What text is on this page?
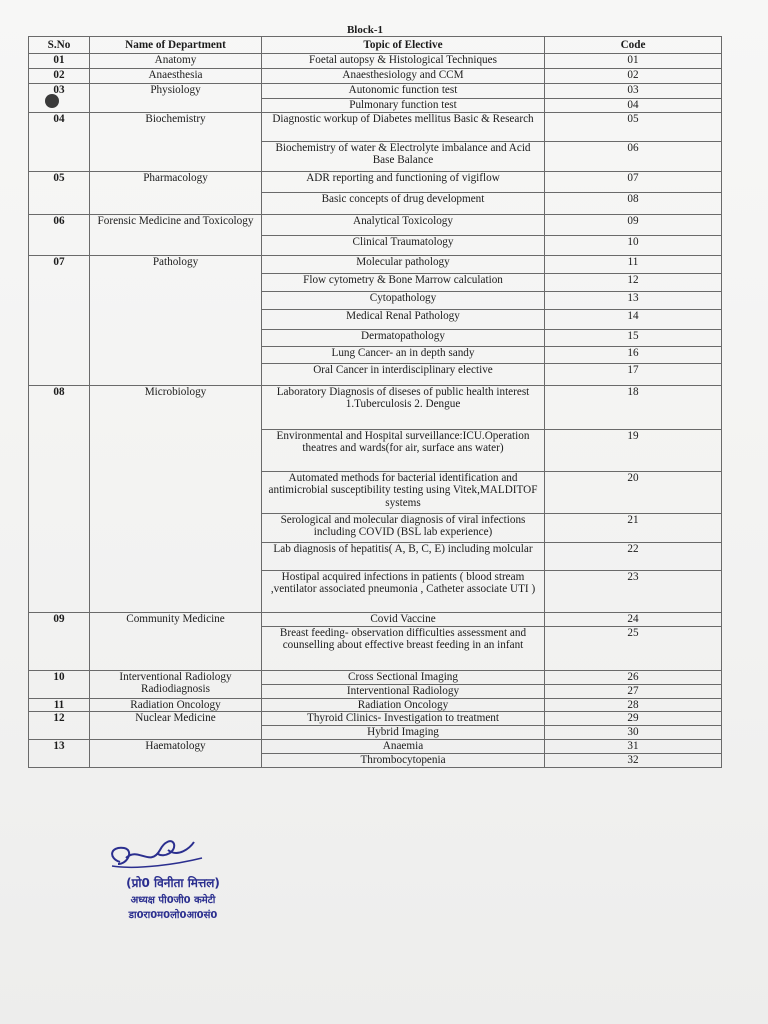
Block-1
S.No	Name of Department	Topic of Elective	Code
01	Anatomy	Foetal autopsy & Histological Techniques	01
02	Anaesthesia	Anaesthesiology and CCM	02
03	Physiology	Autonomic function test	03
		Pulmonary function test	04
04	Biochemistry	Diagnostic workup of Diabetes mellitus Basic & Research	05
		Biochemistry of water & Electrolyte imbalance and Acid Base Balance	06
05	Pharmacology	ADR reporting and functioning of vigiflow	07
		Basic concepts of drug development	08
06	Forensic Medicine and Toxicology	Analytical Toxicology	09
		Clinical Traumatology	10
07	Pathology	Molecular pathology	11
		Flow cytometry & Bone Marrow calculation	12
		Cytopathology	13
		Medical Renal Pathology	14
		Dermatopathology	15
		Lung Cancer- an in depth sandy	16
		Oral Cancer in interdisciplinary elective	17
08	Microbiology	Laboratory Diagnosis of diseses of public health interest 1.Tuberculosis 2. Dengue	18
		Environmental and Hospital surveillance:ICU.Operation theatres and wards(for air, surface ans water)	19
		Automated methods for bacterial identification and antimicrobial susceptibility testing using Vitek,MALDITOF systems	20
		Serological and molecular diagnosis of viral infections including COVID (BSL lab experience)	21
		Lab diagnosis of hepatitis( A, B, C, E) including molcular	22
		Hostipal acquired infections in patients ( blood stream ,ventilator associated pneumonia , Catheter associate UTI )	23
09	Community Medicine	Covid Vaccine	24
		Breast feeding- observation difficulties assessment and counselling about effective breast feeding in an infant	25
10	Interventional Radiology Radiodiagnosis	Cross Sectional Imaging	26
		Interventional Radiology	27
11	Radiation Oncology	Radiation Oncology	28
12	Nuclear Medicine	Thyroid Clinics- Investigation to treatment	29
		Hybrid Imaging	30
13	Haematology	Anaemia	31
		Thrombocytopenia	32
(प्रो0 विनीता मित्तल)
अध्यक्ष पी0जी0 कमेटी
डा0रा0म0लो0आ0सं0
